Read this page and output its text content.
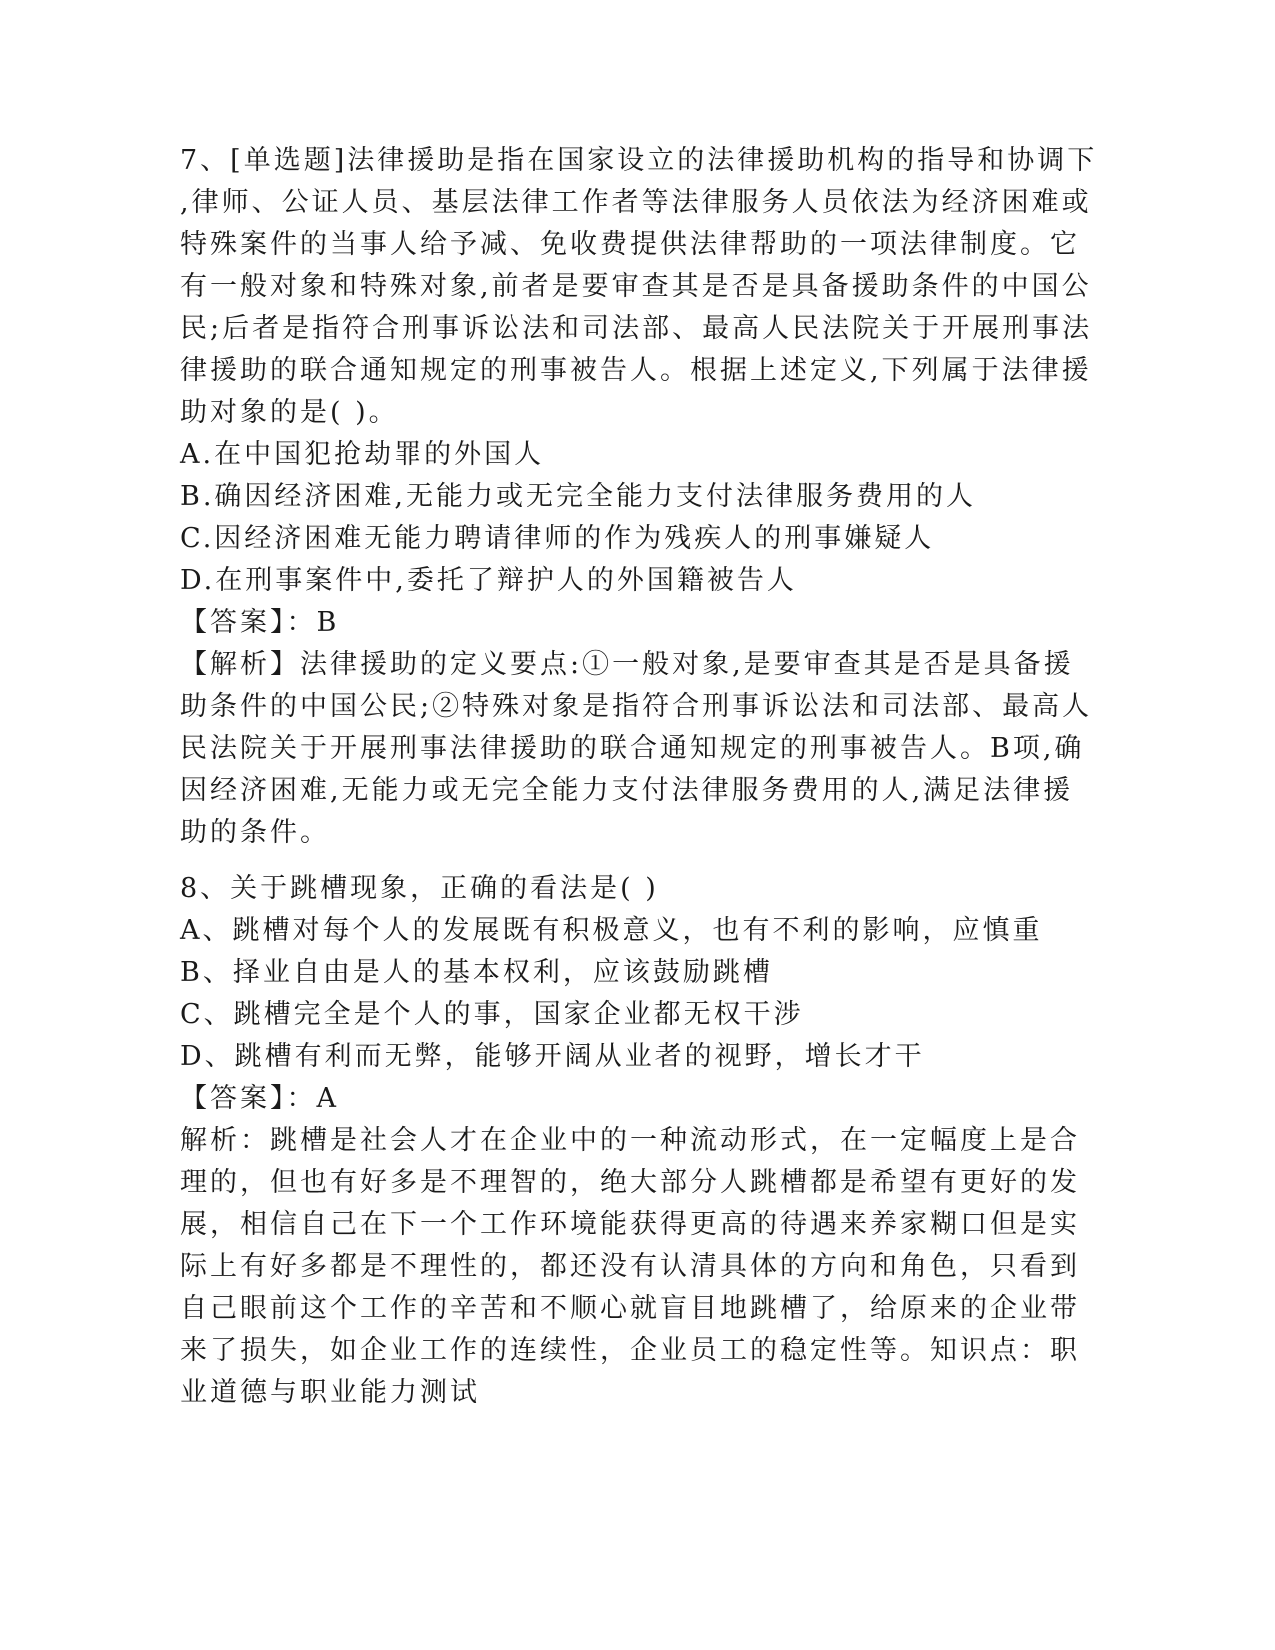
7、[单选题]法律援助是指在国家设立的法律援助机构的指导和协调下
,律师、公证人员、基层法律工作者等法律服务人员依法为经济困难或
特殊案件的当事人给予减、免收费提供法律帮助的一项法律制度。它
有一般对象和特殊对象,前者是要审查其是否是具备援助条件的中国公
民;后者是指符合刑事诉讼法和司法部、最高人民法院关于开展刑事法
律援助的联合通知规定的刑事被告人。根据上述定义,下列属于法律援
助对象的是( )。
A.在中国犯抢劫罪的外国人
B.确因经济困难,无能力或无完全能力支付法律服务费用的人
C.因经济困难无能力聘请律师的作为残疾人的刑事嫌疑人
D.在刑事案件中,委托了辩护人的外国籍被告人
【答案】：B
【解析】法律援助的定义要点:①一般对象,是要审查其是否是具备援
助条件的中国公民;②特殊对象是指符合刑事诉讼法和司法部、最高人
民法院关于开展刑事法律援助的联合通知规定的刑事被告人。B项,确
因经济困难,无能力或无完全能力支付法律服务费用的人,满足法律援
助的条件。
8、关于跳槽现象，正确的看法是( )
A、跳槽对每个人的发展既有积极意义，也有不利的影响，应慎重
B、择业自由是人的基本权利，应该鼓励跳槽
C、跳槽完全是个人的事，国家企业都无权干涉
D、跳槽有利而无弊，能够开阔从业者的视野，增长才干
【答案】：A
解析：跳槽是社会人才在企业中的一种流动形式，在一定幅度上是合
理的，但也有好多是不理智的，绝大部分人跳槽都是希望有更好的发
展，相信自己在下一个工作环境能获得更高的待遇来养家糊口但是实
际上有好多都是不理性的，都还没有认清具体的方向和角色，只看到
自己眼前这个工作的辛苦和不顺心就盲目地跳槽了，给原来的企业带
来了损失，如企业工作的连续性，企业员工的稳定性等。知识点：职
业道德与职业能力测试
